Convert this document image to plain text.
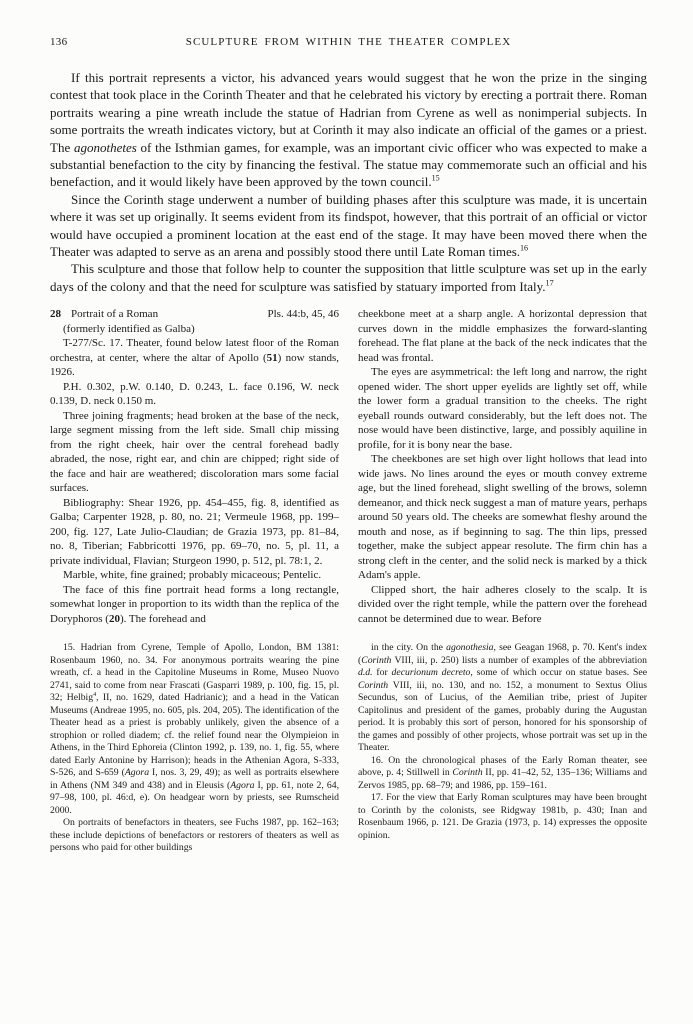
136	SCULPTURE FROM WITHIN THE THEATER COMPLEX

If this portrait represents a victor, his advanced years would suggest that he won the prize in the singing contest that took place in the Corinth Theater and that he celebrated his victory by erecting a portrait there. Roman portraits wearing a pine wreath include the statue of Hadrian from Cyrene as well as nonimperial subjects. In some portraits the wreath indicates victory, but at Corinth it may also indicate an official of the games or a priest. The agonothetes of the Isthmian games, for example, was an important civic officer who was expected to make a substantial benefaction to the city by financing the festival. The statue may commemorate such an official and his benefaction, and it would likely have been approved by the town council.$^{15}$

Since the Corinth stage underwent a number of building phases after this sculpture was made, it is uncertain where it was set up originally. It seems evident from its findspot, however, that this portrait of an official or victor would have occupied a prominent location at the east end of the stage. It may have been moved there when the Theater was adapted to serve as an arena and possibly stood there until Late Roman times.$^{16}$

This sculpture and those that follow help to counter the supposition that little sculpture was set up in the early days of the colony and that the need for sculpture was satisfied by statuary imported from Italy.$^{17}$

28 Portrait of a Roman	Pls. 44:b, 45, 46
(formerly identified as Galba)

T-277/Sc. 17. Theater, found below latest floor of the Roman orchestra, at center, where the altar of Apollo (51) now stands, 1926.

P.H. 0.302, p.W. 0.140, D. 0.243, L. face 0.196, W. neck 0.139, D. neck 0.150 m.

Three joining fragments; head broken at the base of the neck, large segment missing from the left side. Small chip missing from the right cheek, hair over the central forehead badly abraded, the nose, right ear, and chin are chipped; right side of the face and hair are weathered; discoloration mars some facial surfaces.

Bibliography: Shear 1926, pp. 454–455, fig. 8, identified as Galba; Carpenter 1928, p. 80, no. 21; Vermeule 1968, pp. 199–200, fig. 127, Late Julio-Claudian; de Grazia 1973, pp. 81–84, no. 8, Tiberian; Fabbricotti 1976, pp. 69–70, no. 5, pl. 11, a private individual, Flavian; Sturgeon 1990, p. 512, pl. 78:1, 2.

Marble, white, fine grained; probably micaceous; Pentelic.

The face of this fine portrait head forms a long rectangle, somewhat longer in proportion to its width than the replica of the Doryphoros (20). The forehead and

cheekbone meet at a sharp angle. A horizontal depression that curves down in the middle emphasizes the forward-slanting forehead. The flat plane at the back of the neck indicates that the head was frontal.

The eyes are asymmetrical: the left long and narrow, the right opened wider. The short upper eyelids are lightly set off, while the lower form a gradual transition to the cheeks. The right eyeball rounds outward considerably, but the left does not. The nose would have been distinctive, large, and possibly aquiline in profile, for it is bony near the base.

The cheekbones are set high over light hollows that lead into wide jaws. No lines around the eyes or mouth convey extreme age, but the lined forehead, slight swelling of the brows, solemn demeanor, and thick neck suggest a man of mature years, perhaps around 50 years old. The cheeks are somewhat fleshy around the mouth and nose, as if beginning to sag. The thin lips, pressed together, make the subject appear resolute. The firm chin has a strong cleft in the center, and the solid neck is marked by a thick Adam's apple.

Clipped short, the hair adheres closely to the scalp. It is divided over the right temple, while the pattern over the forehead cannot be determined due to wear. Before

15. Hadrian from Cyrene, Temple of Apollo, London, BM 1381: Rosenbaum 1960, no. 34. For anonymous portraits wearing the pine wreath, cf. a head in the Capitoline Museums in Rome, Museo Nuovo 2741, said to come from near Frascati (Gasparri 1989, p. 100, fig. 15, pl. 32; Helbig$^4$, II, no. 1629, dated Hadrianic); and a head in the Vatican Museums (Andreae 1995, no. 605, pls. 204, 205). The identification of the Theater head as a priest is probably unlikely, given the absence of a strophion or rolled diadem; cf. the relief found near the Olympieion in Athens, in the Third Ephoreia (Clinton 1992, p. 139, no. 1, fig. 55, where dated Early Antonine by Harrison); heads in the Athenian Agora, S-333, S-526, and S-659 (Agora I, nos. 3, 29, 49); as well as portraits elsewhere in Athens (NM 349 and 438) and in Eleusis (Agora I, pp. 61, note 2, 64, 97–98, 100, pl. 46:d, e). On headgear worn by priests, see Rumscheid 2000.

On portraits of benefactors in theaters, see Fuchs 1987, pp. 162–163; these include depictions of benefactors or restorers of theaters as well as persons who paid for other buildings

in the city. On the agonothesia, see Geagan 1968, p. 70. Kent's index (Corinth VIII, iii, p. 250) lists a number of examples of the abbreviation d.d. for decurionum decreto, some of which occur on statue bases. See Corinth VIII, iii, no. 130, and no. 152, a monument to Sextus Olius Secundus, son of Lucius, of the Aemilian tribe, priest of Jupiter Capitolinus and president of the games, probably during the Augustan period. It is probably this sort of person, honored for his sponsorship of the games and possibly of other projects, whose portrait was set up in the Theater.

16. On the chronological phases of the Early Roman theater, see above, p. 4; Stillwell in Corinth II, pp. 41–42, 52, 135–136; Williams and Zervos 1985, pp. 68–79; and 1986, pp. 159–161.

17. For the view that Early Roman sculptures may have been brought to Corinth by the colonists, see Ridgway 1981b, p. 430; Inan and Rosenbaum 1966, p. 121. De Grazia (1973, p. 14) expresses the opposite opinion.
